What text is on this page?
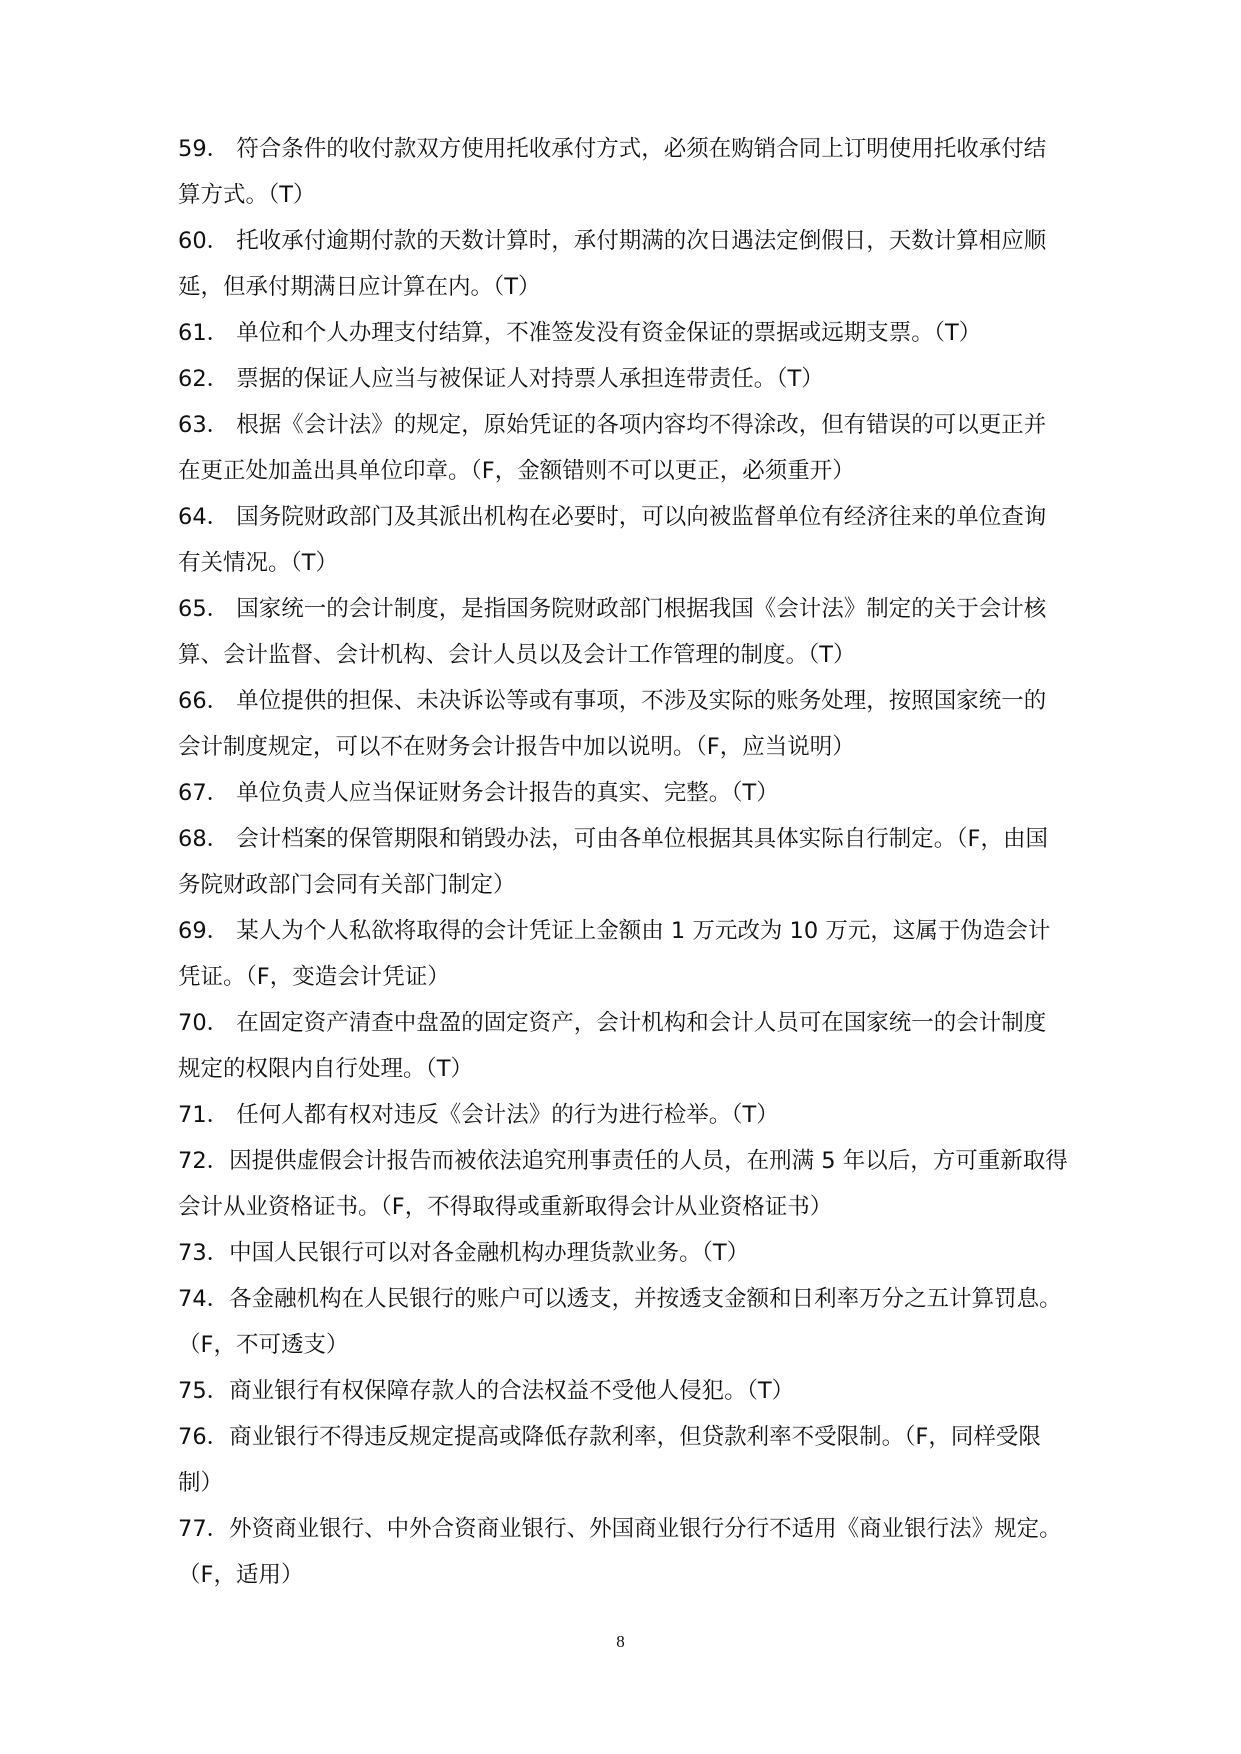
59． 符合条件的收付款双方使用托收承付方式，必须在购销合同上订明使用托收承付结算方式。（T）

60． 托收承付逾期付款的天数计算时，承付期满的次日遇法定倒假日，天数计算相应顺延，但承付期满日应计算在内。（T）

61． 单位和个人办理支付结算，不准签发没有资金保证的票据或远期支票。（T）

62． 票据的保证人应当与被保证人对持票人承担连带责任。（T）

63． 根据《会计法》的规定，原始凭证的各项内容均不得涂改，但有错误的可以更正并在更正处加盖出具单位印章。（F，金额错则不可以更正，必须重开）

64． 国务院财政部门及其派出机构在必要时，可以向被监督单位有经济往来的单位查询有关情况。（T）

65． 国家统一的会计制度，是指国务院财政部门根据我国《会计法》制定的关于会计核算、会计监督、会计机构、会计人员以及会计工作管理的制度。（T）

66． 单位提供的担保、未决诉讼等或有事项，不涉及实际的账务处理，按照国家统一的会计制度规定，可以不在财务会计报告中加以说明。（F，应当说明）

67． 单位负责人应当保证财务会计报告的真实、完整。（T）

68． 会计档案的保管期限和销毁办法，可由各单位根据其具体实际自行制定。（F，由国务院财政部门会同有关部门制定）

69． 某人为个人私欲将取得的会计凭证上金额由 1 万元改为 10 万元，这属于伪造会计凭证。（F，变造会计凭证）

70． 在固定资产清查中盘盈的固定资产，会计机构和会计人员可在国家统一的会计制度规定的权限内自行处理。（T）

71． 任何人都有权对违反《会计法》的行为进行检举。（T）

72．因提供虚假会计报告而被依法追究刑事责任的人员，在刑满 5 年以后，方可重新取得会计从业资格证书。（F，不得取得或重新取得会计从业资格证书）

73．中国人民银行可以对各金融机构办理货款业务。（T）

74．各金融机构在人民银行的账户可以透支，并按透支金额和日利率万分之五计算罚息。（F，不可透支）

75．商业银行有权保障存款人的合法权益不受他人侵犯。（T）

76．商业银行不得违反规定提高或降低存款利率，但贷款利率不受限制。（F，同样受限制）

77．外资商业银行、中外合资商业银行、外国商业银行分行不适用《商业银行法》规定。（F，适用）

8
